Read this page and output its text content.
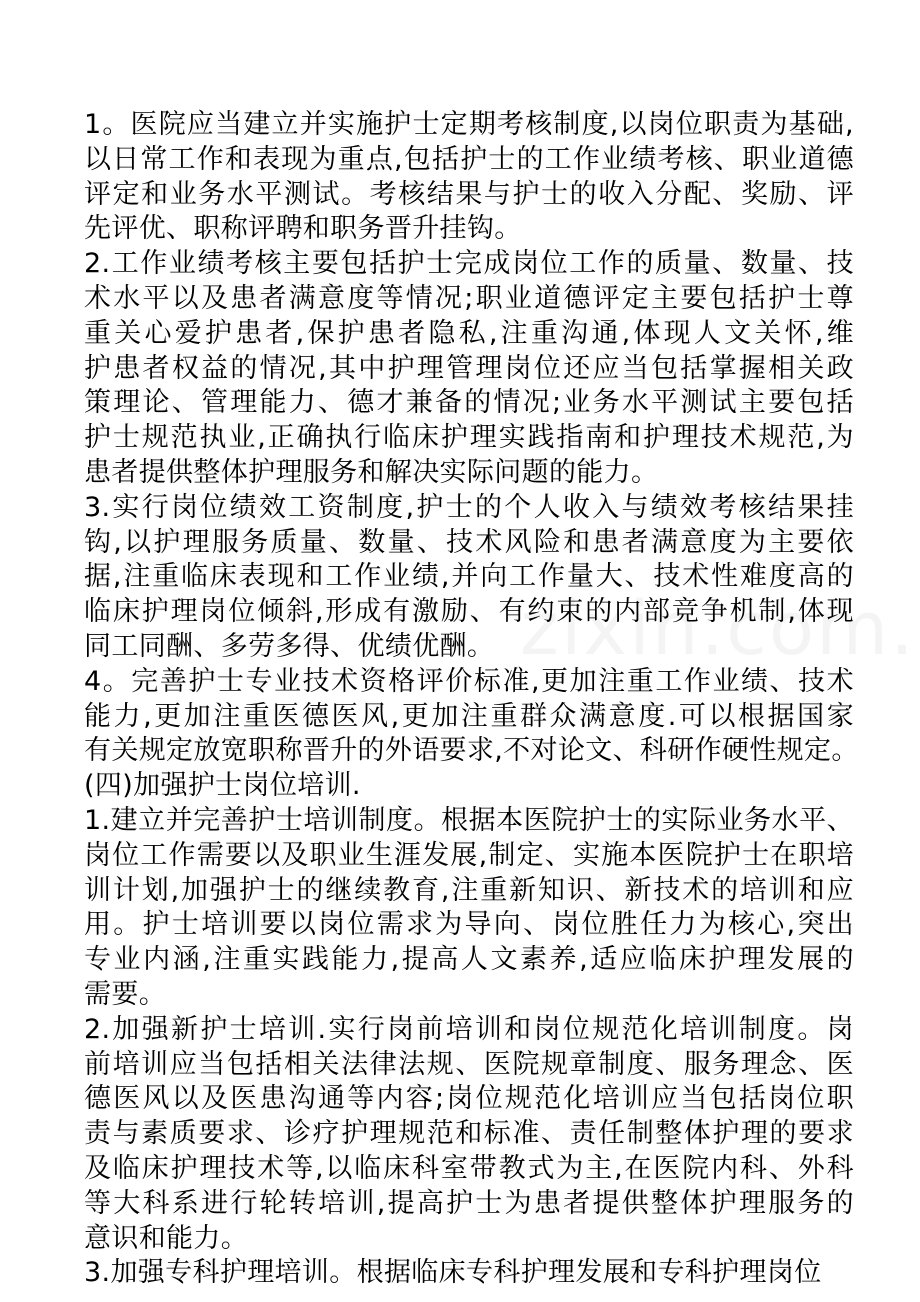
1。医院应当建立并实施护士定期考核制度,以岗位职责为基础,
以日常工作和表现为重点,包括护士的工作业绩考核、职业道德
评定和业务水平测试。考核结果与护士的收入分配、奖励、评
先评优、职称评聘和职务晋升挂钩。
2.工作业绩考核主要包括护士完成岗位工作的质量、数量、技
术水平以及患者满意度等情况;职业道德评定主要包括护士尊
重关心爱护患者,保护患者隐私,注重沟通,体现人文关怀,维
护患者权益的情况,其中护理管理岗位还应当包括掌握相关政
策理论、管理能力、德才兼备的情况;业务水平测试主要包括
护士规范执业,正确执行临床护理实践指南和护理技术规范,为
患者提供整体护理服务和解决实际问题的能力。
3.实行岗位绩效工资制度,护士的个人收入与绩效考核结果挂
钩,以护理服务质量、数量、技术风险和患者满意度为主要依
据,注重临床表现和工作业绩,并向工作量大、技术性难度高的
临床护理岗位倾斜,形成有激励、有约束的内部竞争机制,体现
同工同酬、多劳多得、优绩优酬。
4。完善护士专业技术资格评价标准,更加注重工作业绩、技术
能力,更加注重医德医风,更加注重群众满意度.可以根据国家
有关规定放宽职称晋升的外语要求,不对论文、科研作硬性规定。
(四)加强护士岗位培训.
1.建立并完善护士培训制度。根据本医院护士的实际业务水平、
岗位工作需要以及职业生涯发展,制定、实施本医院护士在职培
训计划,加强护士的继续教育,注重新知识、新技术的培训和应
用。护士培训要以岗位需求为导向、岗位胜任力为核心,突出
专业内涵,注重实践能力,提高人文素养,适应临床护理发展的
需要。
2.加强新护士培训.实行岗前培训和岗位规范化培训制度。岗
前培训应当包括相关法律法规、医院规章制度、服务理念、医
德医风以及医患沟通等内容;岗位规范化培训应当包括岗位职
责与素质要求、诊疗护理规范和标准、责任制整体护理的要求
及临床护理技术等,以临床科室带教式为主,在医院内科、外科
等大科系进行轮转培训,提高护士为患者提供整体护理服务的
意识和能力。
3.加强专科护理培训。根据临床专科护理发展和专科护理岗位
